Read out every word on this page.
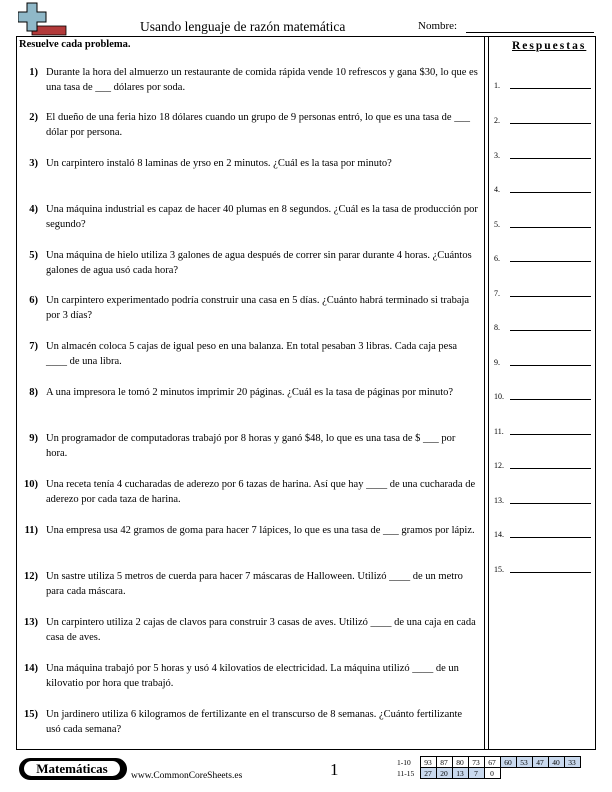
Usando lenguaje de razón matemática	Nombre:
Resuelve cada problema.
1) Durante la hora del almuerzo un restaurante de comida rápida vende 10 refrescos y gana $30, lo que es una tasa de ___ dólares por soda.
2) El dueño de una feria hizo 18 dólares cuando un grupo de 9 personas entró, lo que es una tasa de ___ dólar por persona.
3) Un carpintero instaló 8 laminas de yrso en 2 minutos. ¿Cuál es la tasa por minuto?
4) Una máquina industrial es capaz de hacer 40 plumas en 8 segundos. ¿Cuál es la tasa de producción por segundo?
5) Una máquina de hielo utiliza 3 galones de agua después de correr sin parar durante 4 horas. ¿Cuántos galones de agua usó cada hora?
6) Un carpintero experimentado podría construir una casa en 5 días. ¿Cuánto habrá terminado si trabaja por 3 días?
7) Un almacén coloca 5 cajas de igual peso en una balanza. En total pesaban 3 libras. Cada caja pesa ____ de una libra.
8) A una impresora le tomó 2 minutos imprimir 20 páginas. ¿Cuál es la tasa de páginas por minuto?
9) Un programador de computadoras trabajó por 8 horas y ganó $48, lo que es una tasa de $ ___ por hora.
10) Una receta tenía 4 cucharadas de aderezo por 6 tazas de harina. Así que hay ____ de una cucharada de aderezo por cada taza de harina.
11) Una empresa usa 42 gramos de goma para hacer 7 lápices, lo que es una tasa de ___ gramos por lápiz.
12) Un sastre utiliza 5 metros de cuerda para hacer 7 máscaras de Halloween. Utilizó ____ de un metro para cada máscara.
13) Un carpintero utiliza 2 cajas de clavos para construir 3 casas de aves. Utilizó ____ de una caja en cada casa de aves.
14) Una máquina trabajó por 5 horas y usó 4 kilovatios de electricidad. La máquina utilizó ____ de un kilovatio por hora que trabajó.
15) Un jardinero utiliza 6 kilogramos de fertilizante en el transcurso de 8 semanas. ¿Cuánto fertilizante usó cada semana?
Respuestas
1.
2.
3.
4.
5.
6.
7.
8.
9.
10.
11.
12.
13.
14.
15.
Matemáticas	www.CommonCoreSheets.es	1	1-10	93	87	80	73	67	60	53	47	40	33
11-15	27	20	13	7	0					
